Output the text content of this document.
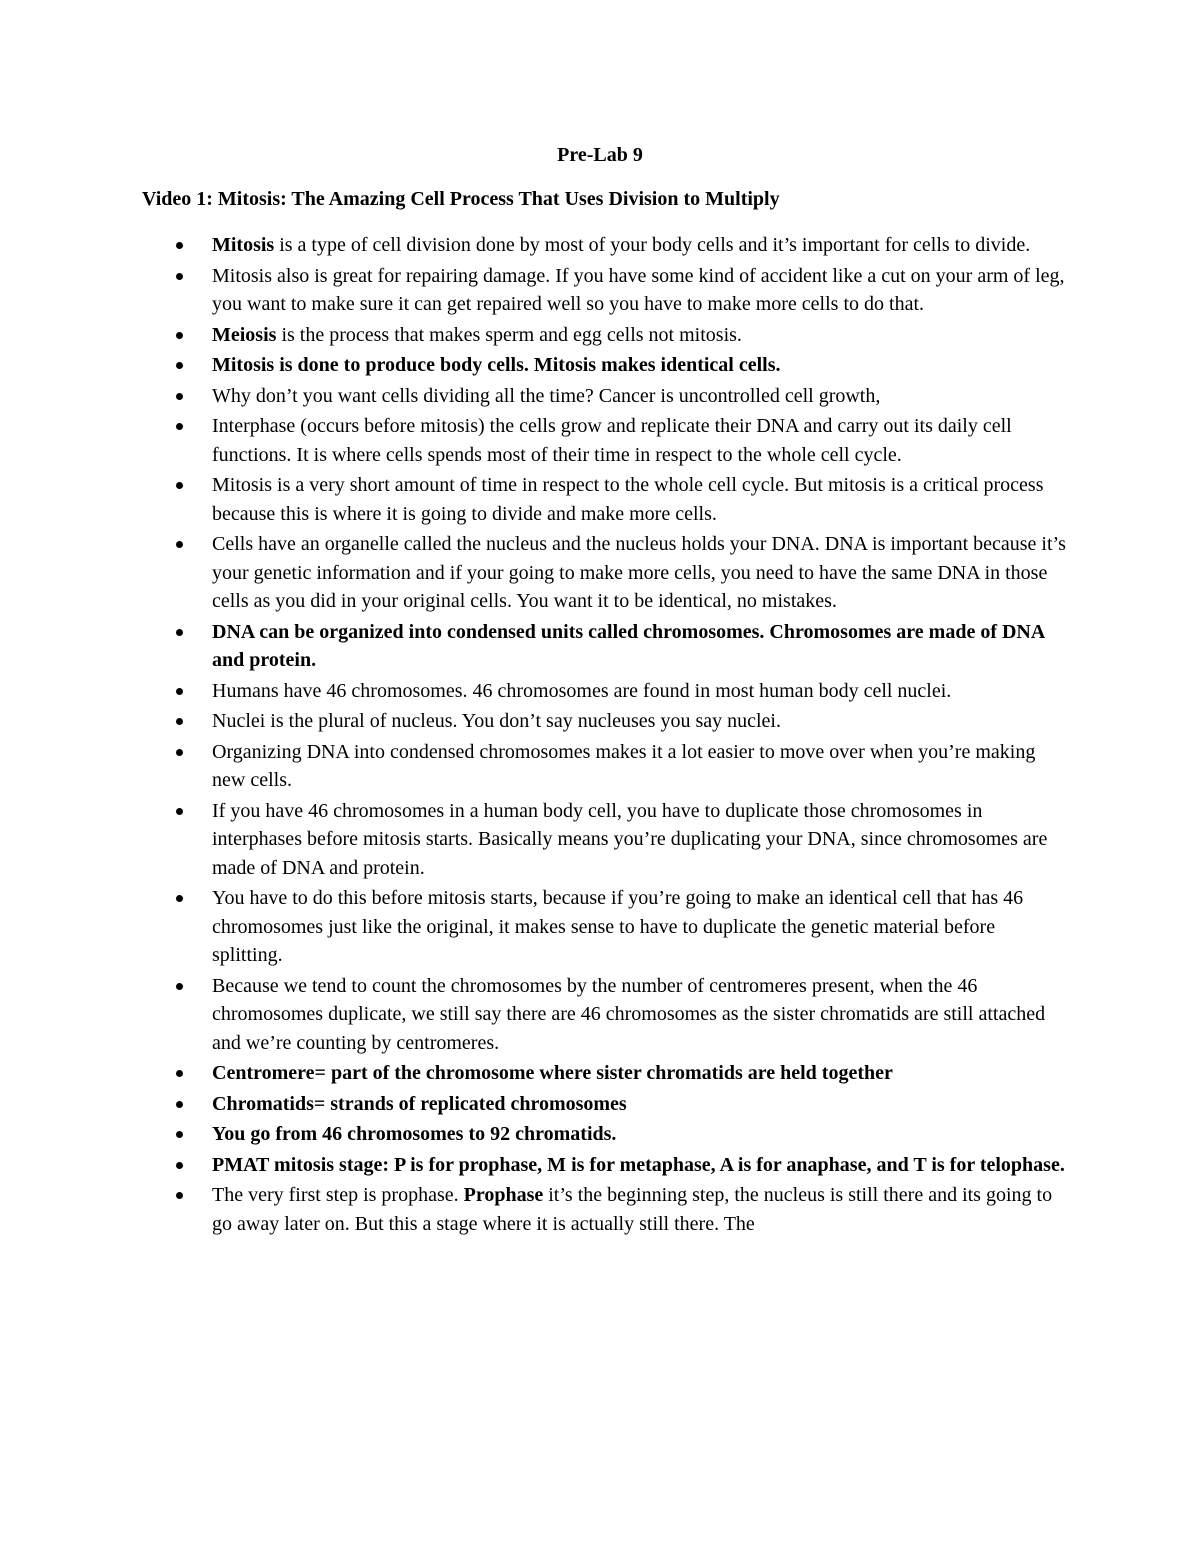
Pre-Lab 9
Video 1: Mitosis: The Amazing Cell Process That Uses Division to Multiply
Mitosis is a type of cell division done by most of your body cells and it’s important for cells to divide.
Mitosis also is great for repairing damage. If you have some kind of accident like a cut on your arm of leg, you want to make sure it can get repaired well so you have to make more cells to do that.
Meiosis is the process that makes sperm and egg cells not mitosis.
Mitosis is done to produce body cells. Mitosis makes identical cells.
Why don’t you want cells dividing all the time? Cancer is uncontrolled cell growth,
Interphase (occurs before mitosis) the cells grow and replicate their DNA and carry out its daily cell functions. It is where cells spends most of their time in respect to the whole cell cycle.
Mitosis is a very short amount of time in respect to the whole cell cycle. But mitosis is a critical process because this is where it is going to divide and make more cells.
Cells have an organelle called the nucleus and the nucleus holds your DNA. DNA is important because it’s your genetic information and if your going to make more cells, you need to have the same DNA in those cells as you did in your original cells. You want it to be identical, no mistakes.
DNA can be organized into condensed units called chromosomes. Chromosomes are made of DNA and protein.
Humans have 46 chromosomes. 46 chromosomes are found in most human body cell nuclei.
Nuclei is the plural of nucleus. You don’t say nucleuses you say nuclei.
Organizing DNA into condensed chromosomes makes it a lot easier to move over when you’re making new cells.
If you have 46 chromosomes in a human body cell, you have to duplicate those chromosomes in interphases before mitosis starts. Basically means you’re duplicating your DNA, since chromosomes are made of DNA and protein.
You have to do this before mitosis starts, because if you’re going to make an identical cell that has 46 chromosomes just like the original, it makes sense to have to duplicate the genetic material before splitting.
Because we tend to count the chromosomes by the number of centromeres present, when the 46 chromosomes duplicate, we still say there are 46 chromosomes as the sister chromatids are still attached and we’re counting by centromeres.
Centromere= part of the chromosome where sister chromatids are held together
Chromatids= strands of replicated chromosomes
You go from 46 chromosomes to 92 chromatids.
PMAT mitosis stage: P is for prophase, M is for metaphase, A is for anaphase, and T is for telophase.
The very first step is prophase. Prophase it’s the beginning step, the nucleus is still there and its going to go away later on. But this a stage where it is actually still there. The
